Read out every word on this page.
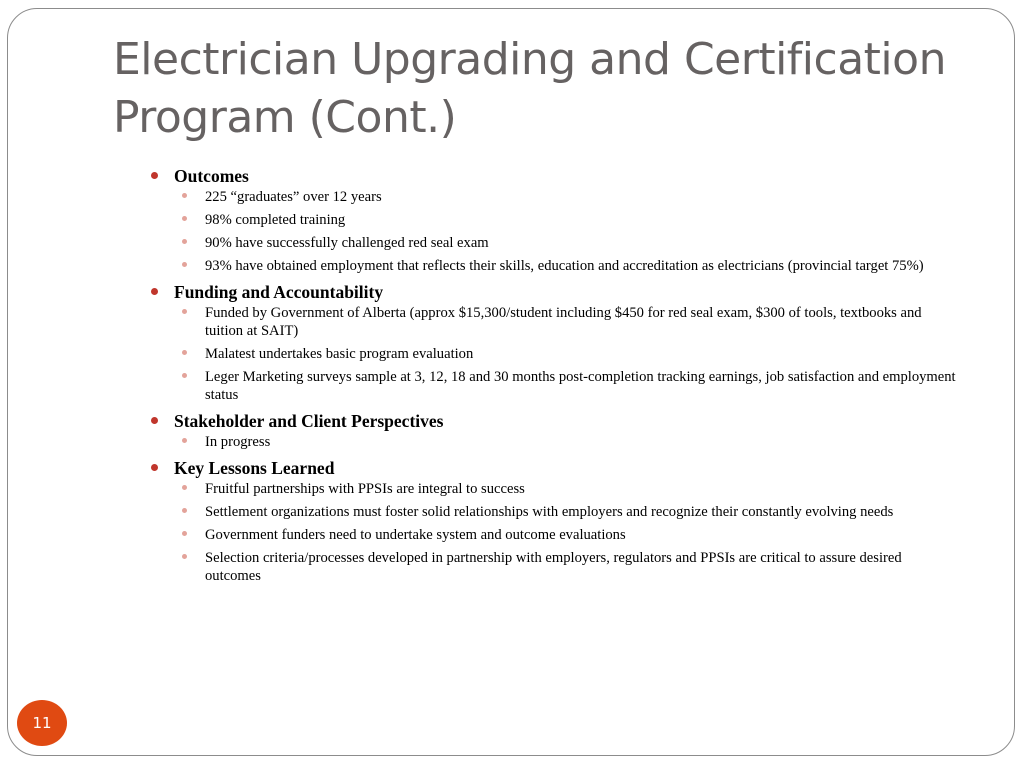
Electrician Upgrading and Certification Program (Cont.)
Outcomes
225 “graduates” over 12 years
98% completed training
90% have successfully challenged red seal exam
93% have obtained employment that reflects their skills, education and accreditation as electricians (provincial target 75%)
Funding and Accountability
Funded by Government of Alberta (approx $15,300/student including $450 for red seal exam, $300 of tools, textbooks and tuition at SAIT)
Malatest undertakes basic program evaluation
Leger Marketing surveys sample at 3, 12, 18 and 30 months post-completion tracking earnings, job satisfaction and employment status
Stakeholder and Client Perspectives
In progress
Key Lessons Learned
Fruitful partnerships with PPSIs are integral to success
Settlement organizations must foster solid relationships with employers and recognize their constantly evolving needs
Government funders need to undertake system and outcome evaluations
Selection criteria/processes developed in partnership with employers, regulators and PPSIs are critical to assure desired outcomes
11
